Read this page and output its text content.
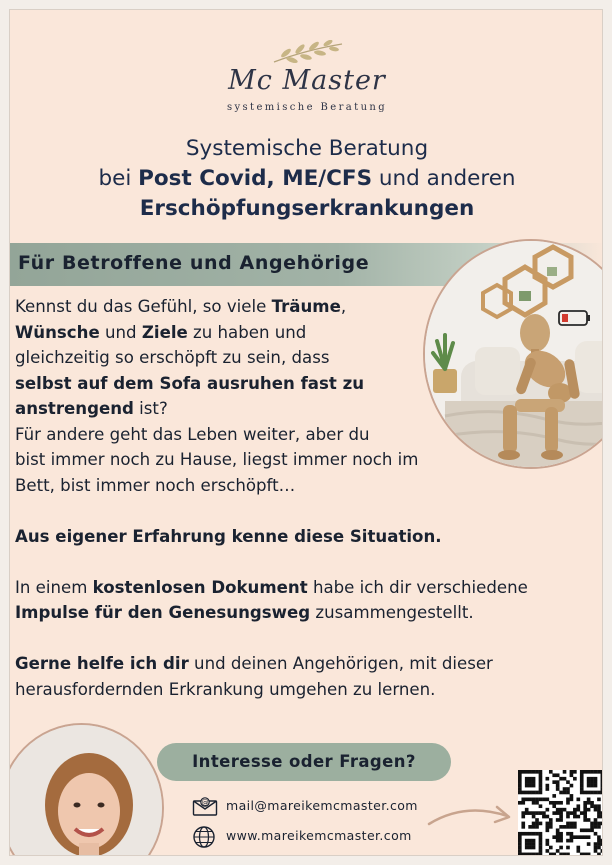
Mc Master
systemische Beratung
Systemische Beratung
bei Post Covid, ME/CFS und anderen
Erschöpfungserkrankungen
Für Betroffene und Angehörige
Kennst du das Gefühl, so viele Träume,
Wünsche und Ziele zu haben und
gleichzeitig so erschöpft zu sein, dass
selbst auf dem Sofa ausruhen fast zu
anstrengend ist?
Für andere geht das Leben weiter, aber du
bist immer noch zu Hause, liegst immer noch im
Bett, bist immer noch erschöpft…
Aus eigener Erfahrung kenne diese Situation.
In einem kostenlosen Dokument habe ich dir verschiedene
Impulse für den Genesungsweg zusammengestellt.
Gerne helfe ich dir und deinen Angehörigen, mit dieser
herausfordernden Erkrankung umgehen zu lernen.
Interesse oder Fragen?
@ mail@mareikemcmaster.com
www.mareikemcmaster.com
